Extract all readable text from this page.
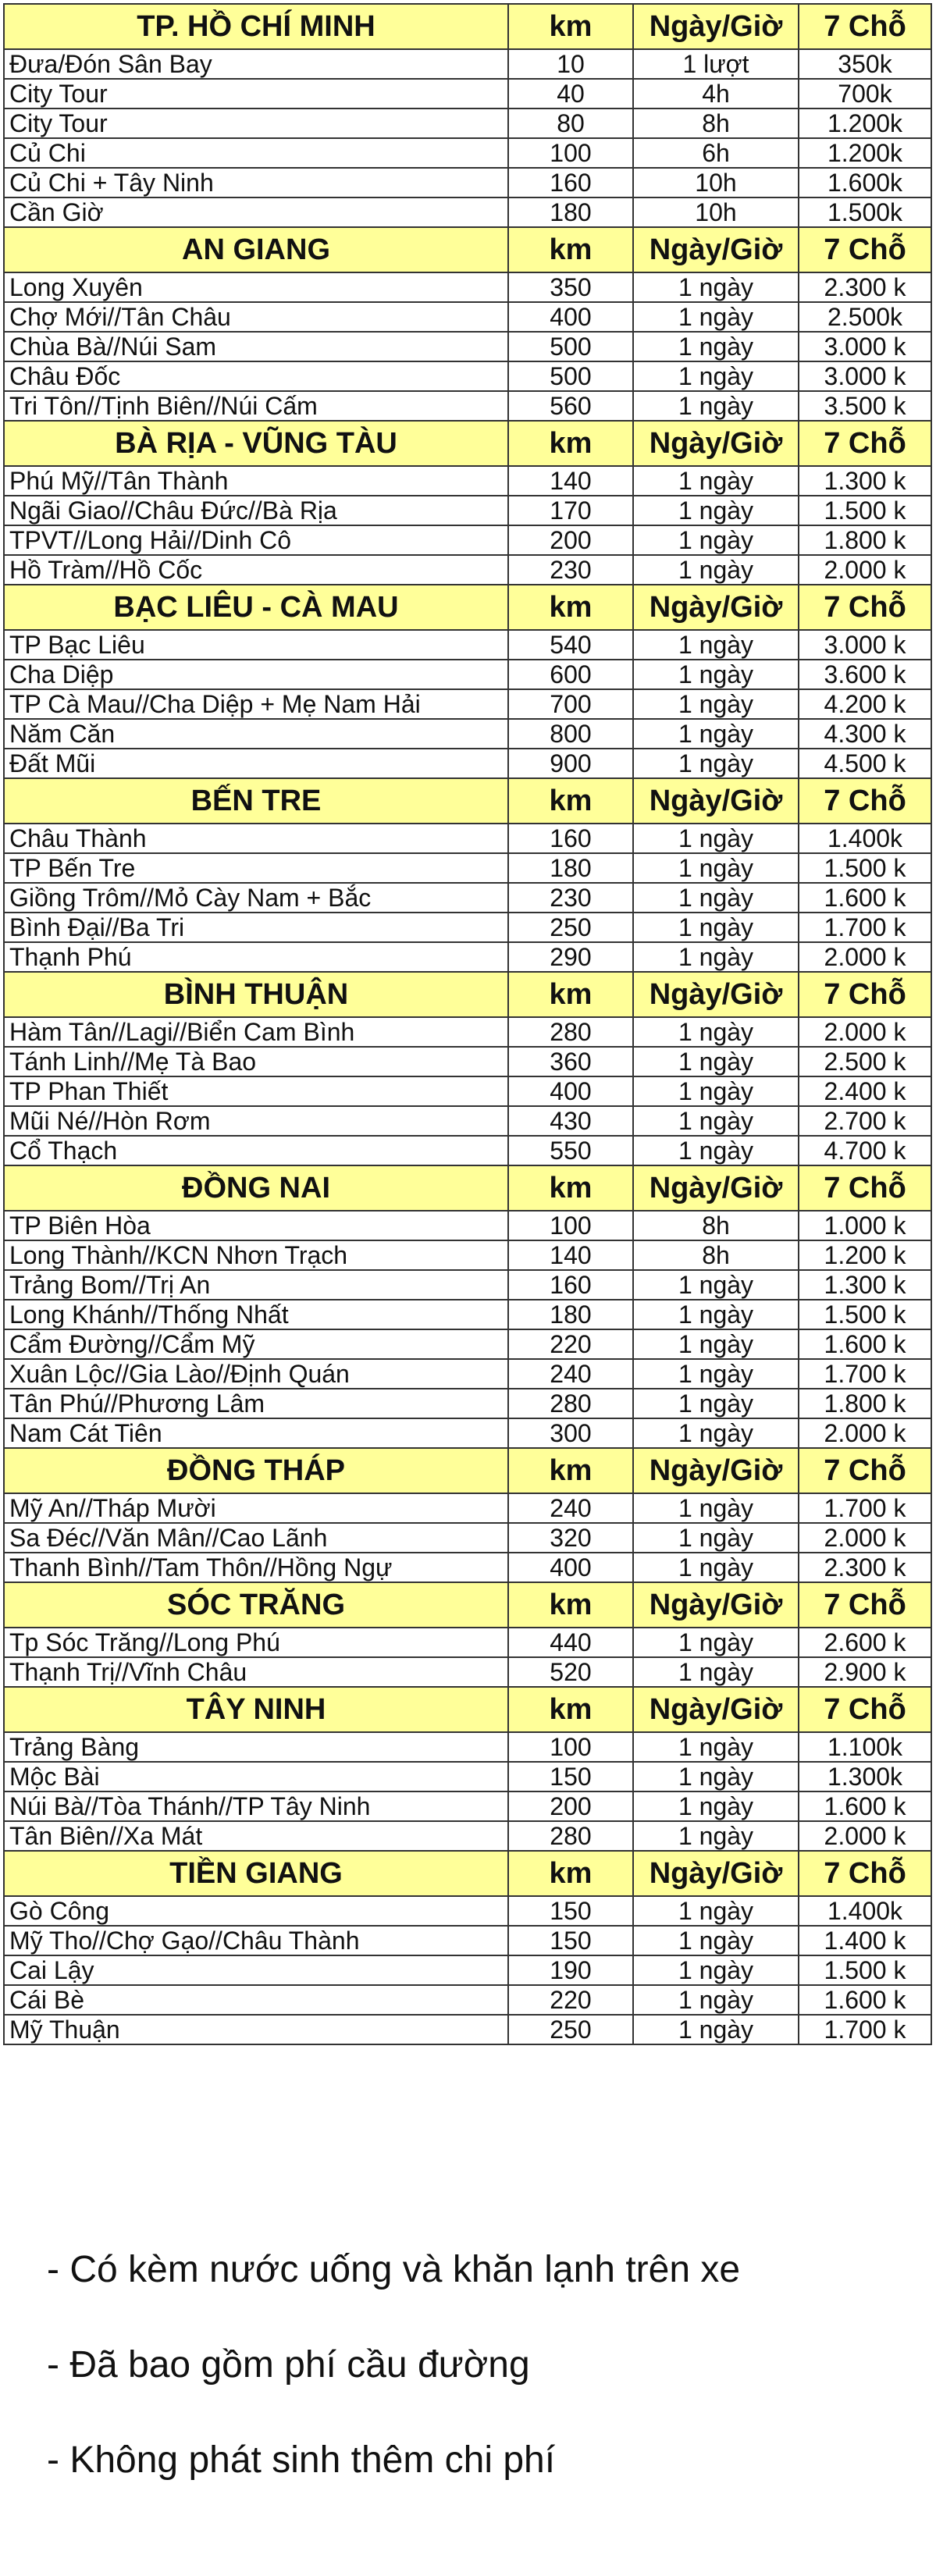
TP. HỒ CHÍ MINH	km	Ngày/Giờ	7 Chỗ
Đưa/Đón Sân Bay	10	1 lượt	350k
City Tour	40	4h	700k
City Tour	80	8h	1.200k
Củ Chi	100	6h	1.200k
Củ Chi + Tây Ninh	160	10h	1.600k
Cần Giờ	180	10h	1.500k
AN GIANG	km	Ngày/Giờ	7 Chỗ
Long Xuyên	350	1 ngày	2.300 k
Chợ Mới//Tân Châu	400	1 ngày	2.500k
Chùa Bà//Núi Sam	500	1 ngày	3.000 k
Châu Đốc	500	1 ngày	3.000 k
Tri Tôn//Tịnh Biên//Núi Cấm	560	1 ngày	3.500 k
BÀ RỊA - VŨNG TÀU	km	Ngày/Giờ	7 Chỗ
Phú Mỹ//Tân Thành	140	1 ngày	1.300 k
Ngãi Giao//Châu Đức//Bà Rịa	170	1 ngày	1.500 k
TPVT//Long Hải//Dinh Cô	200	1 ngày	1.800 k
Hồ Tràm//Hồ Cốc	230	1 ngày	2.000 k
BẠC LIÊU - CÀ MAU	km	Ngày/Giờ	7 Chỗ
TP Bạc Liêu	540	1 ngày	3.000 k
Cha Diệp	600	1 ngày	3.600 k
TP Cà Mau//Cha Diệp + Mẹ Nam Hải	700	1 ngày	4.200 k
Năm Căn	800	1 ngày	4.300 k
Đất Mũi	900	1 ngày	4.500 k
BẾN TRE	km	Ngày/Giờ	7 Chỗ
Châu Thành	160	1 ngày	1.400k
TP Bến Tre	180	1 ngày	1.500 k
Giồng Trôm//Mỏ Cày Nam + Bắc	230	1 ngày	1.600 k
Bình Đại//Ba Tri	250	1 ngày	1.700 k
Thạnh Phú	290	1 ngày	2.000 k
BÌNH THUẬN	km	Ngày/Giờ	7 Chỗ
Hàm Tân//Lagi//Biển Cam Bình	280	1 ngày	2.000 k
Tánh Linh//Mẹ Tà Bao	360	1 ngày	2.500 k
TP Phan Thiết	400	1 ngày	2.400 k
Mũi Né//Hòn Rơm	430	1 ngày	2.700 k
Cổ Thạch	550	1 ngày	4.700 k
ĐỒNG NAI	km	Ngày/Giờ	7 Chỗ
TP Biên Hòa	100	8h	1.000 k
Long Thành//KCN Nhơn Trạch	140	8h	1.200 k
Trảng Bom//Trị An	160	1 ngày	1.300 k
Long Khánh//Thống Nhất	180	1 ngày	1.500 k
Cẩm Đường//Cẩm Mỹ	220	1 ngày	1.600 k
Xuân Lộc//Gia Lào//Định Quán	240	1 ngày	1.700 k
Tân Phú//Phương Lâm	280	1 ngày	1.800 k
Nam Cát Tiên	300	1 ngày	2.000 k
ĐỒNG THÁP	km	Ngày/Giờ	7 Chỗ
Mỹ An//Tháp Mười	240	1 ngày	1.700 k
Sa Đéc//Văn Mân//Cao Lãnh	320	1 ngày	2.000 k
Thanh Bình//Tam Thôn//Hồng Ngự	400	1 ngày	2.300 k
SÓC TRĂNG	km	Ngày/Giờ	7 Chỗ
Tp Sóc Trăng//Long Phú	440	1 ngày	2.600 k
Thạnh Trị//Vĩnh Châu	520	1 ngày	2.900 k
TÂY NINH	km	Ngày/Giờ	7 Chỗ
Trảng Bàng	100	1 ngày	1.100k
Mộc Bài	150	1 ngày	1.300k
Núi Bà//Tòa Thánh//TP Tây Ninh	200	1 ngày	1.600 k
Tân Biên//Xa Mát	280	1 ngày	2.000 k
TIỀN GIANG	km	Ngày/Giờ	7 Chỗ
Gò Công	150	1 ngày	1.400k
Mỹ Tho//Chợ Gạo//Châu Thành	150	1 ngày	1.400 k
Cai Lậy	190	1 ngày	1.500 k
Cái Bè	220	1 ngày	1.600 k
Mỹ Thuận	250	1 ngày	1.700 k
- Có kèm nước uống và khăn lạnh trên xe
- Đã bao gồm phí cầu đường
- Không phát sinh thêm chi phí
